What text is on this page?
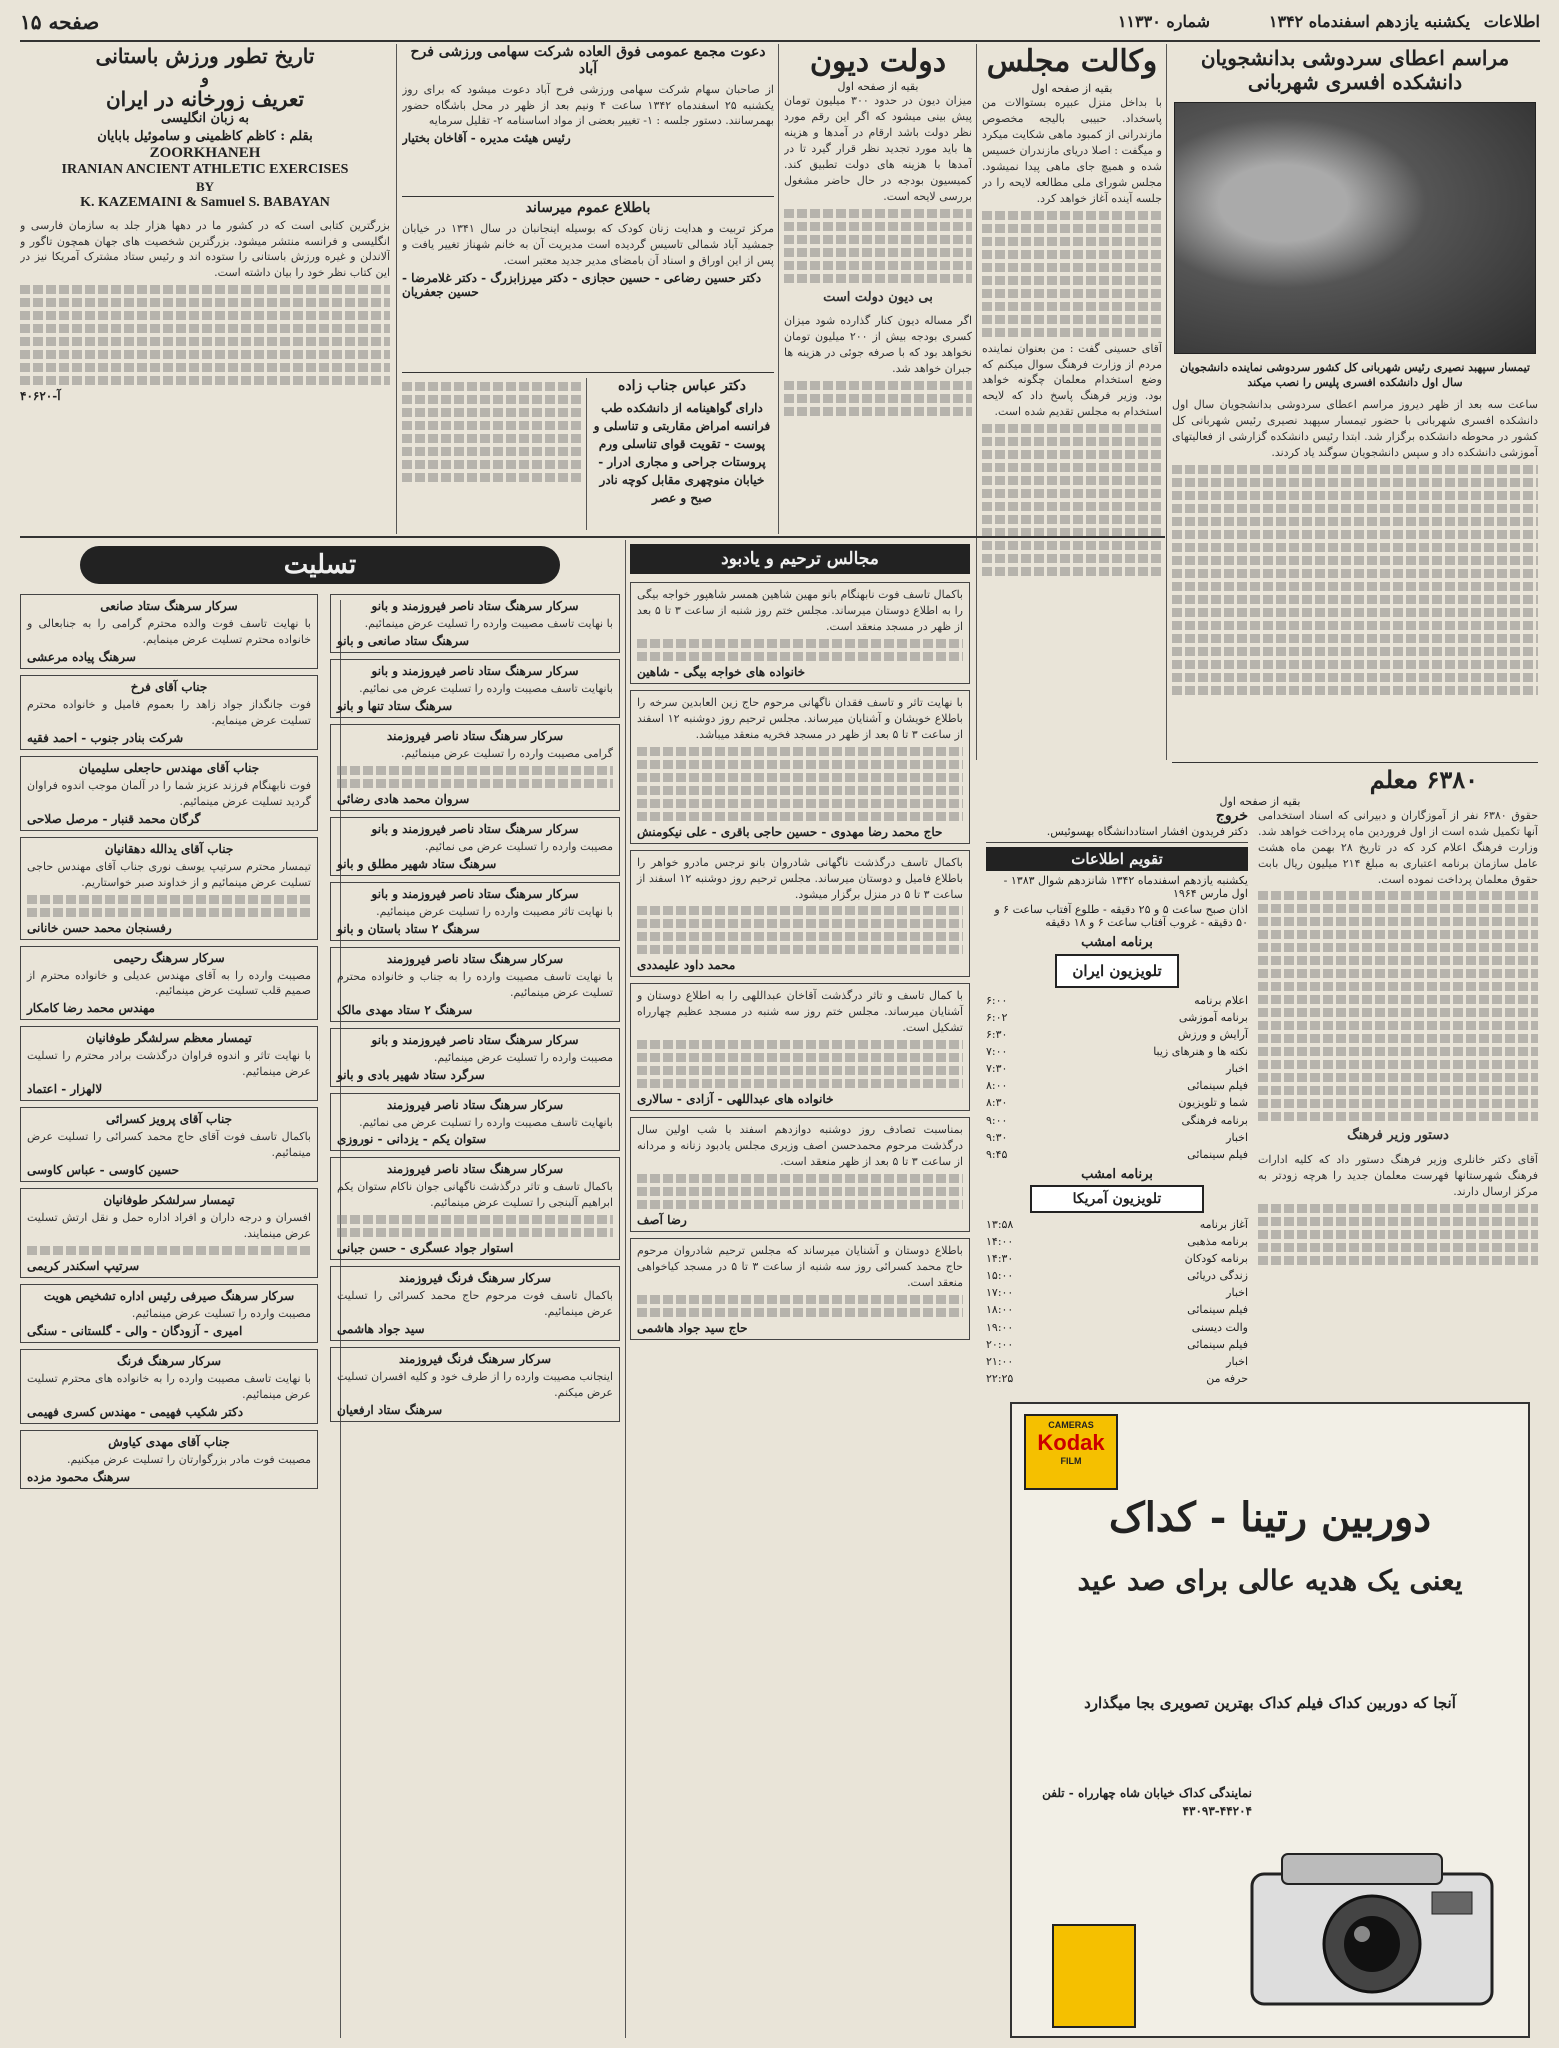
اطلاعات
یکشنبه یازدهم اسفندماه ۱۳۴۲
شماره ۱۱۳۳۰
صفحه ۱۵
مراسم اعطای سردوشی بدانشجویان دانشکده افسری شهربانی
تیمسار سپهبد نصیری رئیس شهربانی کل کشور سردوشی نماینده دانشجویان سال اول دانشکده افسری پلیس را نصب میکند

ساعت سه بعد از ظهر دیروز مراسم اعطای سردوشی بدانشجویان سال اول دانشکده افسری شهربانی با حضور تیمسار سپهبد نصیری رئیس شهربانی کل کشور در محوطه دانشکده برگزار شد. ابتدا رئیس دانشکده گزارشی از فعالیتهای آموزشی دانشکده داد و سپس دانشجویان سوگند یاد کردند.

وکالت مجلس
بقیه از صفحه اول

با بداخل منزل عبیره بستوالات من پاسخداد. حبیبی بالیجه مخصوص مازندرانی از کمبود ماهی شکایت میکرد و میگفت : اصلا دریای مازندران خسیس شده و همیچ جای ماهی پیدا نمیشود. مجلس شورای ملی مطالعه لایحه را در جلسه آینده آغاز خواهد کرد.

آقای حسینی گفت : من بعنوان نماینده مردم از وزارت فرهنگ سوال میکنم که وضع استخدام معلمان چگونه خواهد بود. وزیر فرهنگ پاسخ داد که لایحه استخدام به مجلس تقدیم شده است.

دولت دیون
بقیه از صفحه اول

میزان دیون در حدود ۳۰۰ میلیون تومان پیش بینی میشود که اگر این رقم مورد نظر دولت باشد ارقام در آمدها و هزینه ها باید مورد تجدید نظر قرار گیرد تا در آمدها با هزینه های دولت تطبیق کند. کمیسیون بودجه در حال حاضر مشغول بررسی لایحه است.

بی دیون دولت است

اگر مساله دیون کنار گذارده شود میزان کسری بودجه بیش از ۲۰۰ میلیون تومان نخواهد بود که با صرفه جوئی در هزینه ها جبران خواهد شد.

دعوت مجمع عمومی فوق العاده شرکت سهامی ورزشی فرح آباد
از صاحبان سهام شرکت سهامی ورزشی فرح آباد دعوت میشود که برای روز یکشنبه ۲۵ اسفندماه ۱۳۴۲ ساعت ۴ ونیم بعد از ظهر در محل باشگاه حضور بهمرسانند. دستور جلسه : ۱- تغییر بعضی از مواد اساسنامه ۲- تقلیل سرمایه
رئیس هیئت مدیره - آقاخان بختیار
باطلاع عموم میرساند
مرکز تربیت و هدایت زنان کودک که بوسیله اینجانبان در سال ۱۳۴۱ در خیابان جمشید آباد شمالی تاسیس گردیده است مدیریت آن به خانم شهناز تغییر یافت و پس از این اوراق و اسناد آن بامضای مدیر جدید معتبر است.
دکتر حسین رضاعی - حسین حجازی - دکتر میرزابزرگ - دکتر غلامرضا - حسین جعفریان
دکتر عباس جناب زاده
دارای گواهینامه از دانشکده طب فرانسه امراض مقاربتی و تناسلی و پوست - تقویت قوای تناسلی ورم پروستات جراحی و مجاری ادرار - خیابان منوچهری مقابل کوچه نادر صبح و عصر
تاریخ تطور ورزش باستانی
و
تعریف زورخانه در ایران
به زبان انگلیسی
بقلم : کاظم کاظمینی و ساموئیل بابایان
ZOORKHANEH
IRANIAN ANCIENT ATHLETIC EXERCISES
BY
K. KAZEMAINI & Samuel S. BABAYAN

بزرگترین کتابی است که در کشور ما در دهها هزار جلد به سازمان فارسی و انگلیسی و فرانسه منتشر میشود. بزرگترین شخصیت های جهان همچون تاگور و آلاندلن و غیره ورزش باستانی را ستوده اند و رئیس ستاد مشترک آمریکا نیز در این کتاب نظر خود را بیان داشته است.

آ-۴۰۶۲۰
۶۳۸۰ معلم
بقیه از صفحه اول

حقوق ۶۳۸۰ نفر از آموزگاران و دبیرانی که اسناد استخدامی آنها تکمیل شده است از اول فروردین ماه پرداخت خواهد شد. وزارت فرهنگ اعلام کرد که در تاریخ ۲۸ بهمن ماه هشت عامل سازمان برنامه اعتباری به مبلغ ۲۱۴ میلیون ریال بابت حقوق معلمان پرداخت نموده است.

دستور وزیر فرهنگ

آقای دکتر خانلری وزیر فرهنگ دستور داد که کلیه ادارات فرهنگ شهرستانها فهرست معلمان جدید را هرچه زودتر به مرکز ارسال دارند.

خروج
دکتر فریدون افشار استاددانشگاه بهسوئیس.
تقویم اطلاعات
یکشنبه یازدهم اسفندماه ۱۳۴۲ شانزدهم شوال ۱۳۸۳ - اول مارس ۱۹۶۴
اذان صبح ساعت ۵ و ۲۵ دقیقه - طلوع آفتاب ساعت ۶ و ۵۰ دقیقه - غروب آفتاب ساعت ۶ و ۱۸ دقیقه
برنامه امشب
تلویزیون ایران
اعلام برنامه
۶:۰۰
برنامه آموزشی
۶:۰۲
آرایش و ورزش
۶:۳۰
نکته ها و هنرهای زیبا
۷:۰۰
اخبار
۷:۳۰
فیلم سینمائی
۸:۰۰
شما و تلویزیون
۸:۳۰
برنامه فرهنگی
۹:۰۰
اخبار
۹:۳۰
فیلم سینمائی
۹:۴۵
برنامه امشب
تلویزیون آمریکا
آغاز برنامه
۱۳:۵۸
برنامه مذهبی
۱۴:۰۰
برنامه کودکان
۱۴:۳۰
زندگی دریائی
۱۵:۰۰
اخبار
۱۷:۰۰
فیلم سینمائی
۱۸:۰۰
والت دیسنی
۱۹:۰۰
فیلم سینمائی
۲۰:۰۰
اخبار
۲۱:۰۰
حرفه من
۲۲:۲۵
CAMERAS
Kodak
FILM
دوربین رتینا - کداک
یعنی یک هدیه عالی برای صد عید
آنجا که دوربین کداک فیلم کداک بهترین تصویری بجا میگذارد
نمایندگی کداک خیابان شاه چهارراه - تلفن ۴۴۲۰۴-۴۳۰۹۳
مجالس ترحیم و یادبود
باکمال تاسف فوت نابهنگام بانو مهین شاهین همسر شاهپور خواجه بیگی را به اطلاع دوستان میرساند. مجلس ختم روز شنبه از ساعت ۳ تا ۵ بعد از ظهر در مسجد منعقد است.
خانواده های خواجه بیگی - شاهین
با نهایت تاثر و تاسف فقدان ناگهانی مرحوم حاج زین العابدین سرخه را باطلاع خویشان و آشنایان میرساند. مجلس ترحیم روز دوشنبه ۱۲ اسفند از ساعت ۳ تا ۵ بعد از ظهر در مسجد فخریه منعقد میباشد.
حاج محمد رضا مهدوی - حسین حاجی باقری - علی نیکومنش
باکمال تاسف درگذشت ناگهانی شادروان بانو نرجس مادرو خواهر را باطلاع فامیل و دوستان میرساند. مجلس ترحیم روز دوشنبه ۱۲ اسفند از ساعت ۳ تا ۵ در منزل برگزار میشود.
محمد داود علیمددی
با کمال تاسف و تاثر درگذشت آقاخان عبداللهی را به اطلاع دوستان و آشنایان میرساند. مجلس ختم روز سه شنبه در مسجد عظیم چهارراه تشکیل است.
خانواده های عبداللهی - آزادی - سالاری
بمناسبت تصادف روز دوشنبه دوازدهم اسفند با شب اولین سال درگذشت مرحوم محمدحسن اصف وزیری مجلس یادبود زنانه و مردانه از ساعت ۳ تا ۵ بعد از ظهر منعقد است.
رضا آصف
باطلاع دوستان و آشنایان میرساند که مجلس ترحیم شادروان مرحوم حاج محمد کسرائی روز سه شنبه از ساعت ۳ تا ۵ در مسجد کیاخواهی منعقد است.
حاج سید جواد هاشمی
تسلیت
سرکار سرهنگ ستاد ناصر فیروزمند و بانو
با نهایت تاسف مصیبت وارده را تسلیت عرض مینمائیم.
سرهنگ ستاد صانعی و بانو
سرکار سرهنگ ستاد ناصر فیروزمند و بانو
بانهایت تاسف مصیبت وارده را تسلیت عرض می نمائیم.
سرهنگ ستاد تنها و بانو
سرکار سرهنگ ستاد ناصر فیروزمند
گرامی مصیبت وارده را تسلیت عرض مینمائیم.
سروان محمد هادی رضائی
سرکار سرهنگ ستاد ناصر فیروزمند و بانو
مصیبت وارده را تسلیت عرض می نمائیم.
سرهنگ ستاد شهیر مطلق و بانو
سرکار سرهنگ ستاد ناصر فیروزمند و بانو
با نهایت تاثر مصیبت وارده را تسلیت عرض مینمائیم.
سرهنگ ۲ ستاد باستان و بانو
سرکار سرهنگ ستاد ناصر فیروزمند
با نهایت تاسف مصیبت وارده را به جناب و خانواده محترم تسلیت عرض مینمائیم.
سرهنگ ۲ ستاد مهدی مالک
سرکار سرهنگ ستاد ناصر فیروزمند و بانو
مصیبت وارده را تسلیت عرض مینمائیم.
سرگرد ستاد شهیر بادی و بانو
سرکار سرهنگ ستاد ناصر فیروزمند
بانهایت تاسف مصیبت وارده را تسلیت عرض می نمائیم.
ستوان یکم - یزدانی - نوروزی
سرکار سرهنگ ستاد ناصر فیروزمند
باکمال تاسف و تاثر درگذشت ناگهانی جوان ناکام ستوان یکم ابراهیم آلبنجی را تسلیت عرض مینمائیم.
استوار جواد عسگری - حسن جبانی
سرکار سرهنگ فرنگ فیروزمند
باکمال تاسف فوت مرحوم حاج محمد کسرائی را تسلیت عرض مینمائیم.
سید جواد هاشمی
سرکار سرهنگ فرنگ فیروزمند
اینجانب مصیبت وارده را از طرف خود و کلیه افسران تسلیت عرض میکنم.
سرهنگ ستاد ارفعیان
سرکار سرهنگ ستاد صانعی
با نهایت تاسف فوت والده محترم گرامی را به جنابعالی و خانواده محترم تسلیت عرض مینمایم.
سرهنگ پیاده مرعشی
جناب آقای فرخ
فوت جانگداز جواد زاهد را بعموم فامیل و خانواده محترم تسلیت عرض مینمایم.
شرکت بنادر جنوب - احمد فقیه
جناب آقای مهندس حاجعلی سلیمیان
فوت نابهنگام فرزند عزیز شما را در آلمان موجب اندوه فراوان گردید تسلیت عرض مینمائیم.
گرگان محمد قنبار - مرصل صلاحی
جناب آقای یدالله دهقانیان
تیمسار محترم سرتیپ یوسف نوری جناب آقای مهندس حاجی تسلیت عرض مینمائیم و از خداوند صبر خواستاریم.
رفسنجان محمد حسن خانانی
سرکار سرهنگ رحیمی
مصیبت وارده را به آقای مهندس عدیلی و خانواده محترم از صمیم قلب تسلیت عرض مینمائیم.
مهندس محمد رضا کامکار
تیمسار معظم سرلشگر طوفانیان
با نهایت تاثر و اندوه فراوان درگذشت برادر محترم را تسلیت عرض مینمائیم.
لالهزار - اعتماد
جناب آقای پرویز کسرائی
باکمال تاسف فوت آقای حاج محمد کسرائی را تسلیت عرض مینمائیم.
حسین کاوسی - عباس کاوسی
تیمسار سرلشکر طوفانیان
افسران و درجه داران و افراد اداره حمل و نقل ارتش تسلیت عرض مینمایند.
سرتیپ اسکندر کریمی
سرکار سرهنگ صیرفی رئیس اداره تشخیص هویت
مصیبت وارده را تسلیت عرض مینمائیم.
امیری - آزودگان - والی - گلستانی - سنگی
سرکار سرهنگ فرنگ
با نهایت تاسف مصیبت وارده را به خانواده های محترم تسلیت عرض مینمائیم.
دکتر شکیب فهیمی - مهندس کسری فهیمی
جناب آقای مهدی کیاوش
مصیبت فوت مادر بزرگوارتان را تسلیت عرض میکنیم.
سرهنگ محمود مزده
